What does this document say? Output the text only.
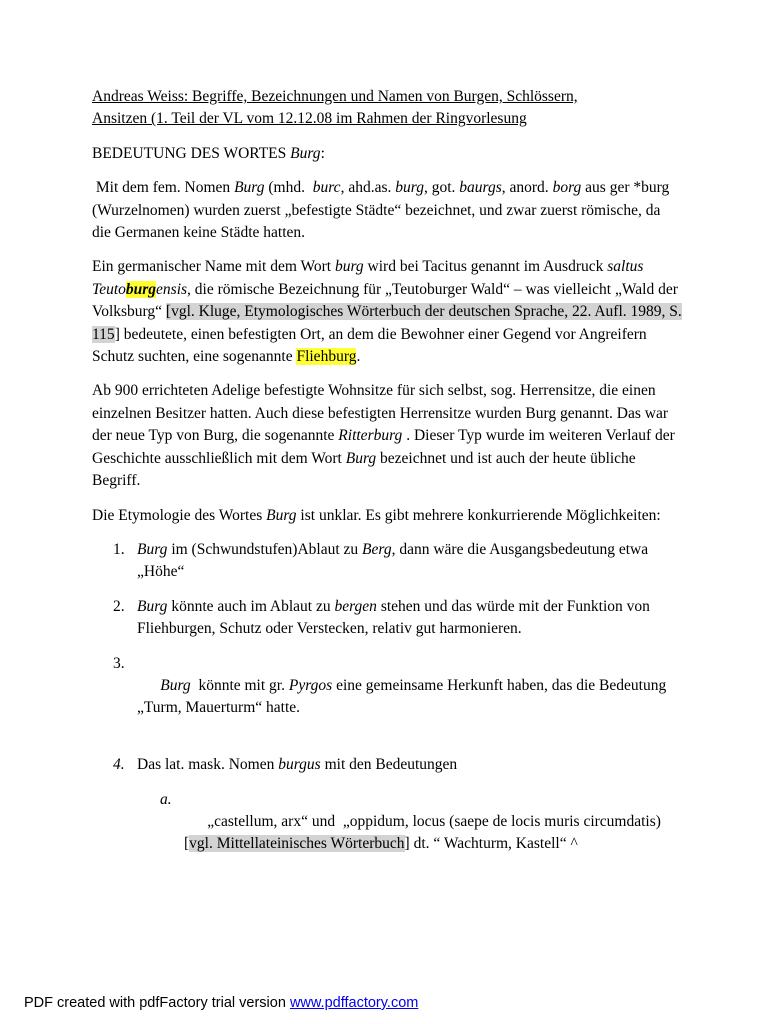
Andreas Weiss: Begriffe, Bezeichnungen und Namen von Burgen, Schlössern,
Ansitzen (1. Teil der VL vom 12.12.08 im Rahmen der Ringvorlesung

BEDEUTUNG DES WORTES Burg:

Mit dem fem. Nomen Burg (mhd.  burc, ahd.as. burg, got. baurgs, anord. borg aus ger *burg (Wurzelnomen) wurden zuerst „befestigte Städte“ bezeichnet, und zwar zuerst römische, da die Germanen keine Städte hatten.

Ein germanischer Name mit dem Wort burg wird bei Tacitus genannt im Ausdruck saltus Teutoburgensis, die römische Bezeichnung für „Teutoburger Wald“ – was vielleicht „Wald der Volksburg“ [vgl. Kluge, Etymologisches Wörterbuch der deutschen Sprache, 22. Aufl. 1989, S. 115] bedeutete, einen befestigten Ort, an dem die Bewohner einer Gegend vor Angreifern Schutz suchten, eine sogenannte Fliehburg.

Ab 900 errichteten Adelige befestigte Wohnsitze für sich selbst, sog. Herrensitze, die einen einzelnen Besitzer hatten. Auch diese befestigten Herrensitze wurden Burg genannt. Das war der neue Typ von Burg, die sogenannte Ritterburg . Dieser Typ wurde im weiteren Verlauf der Geschichte ausschließlich mit dem Wort Burg bezeichnet und ist auch der heute übliche Begriff.

Die Etymologie des Wortes Burg ist unklar. Es gibt mehrere konkurrierende Möglichkeiten:

1. Burg im (Schwundstufen)Ablaut zu Berg, dann wäre die Ausgangsbedeutung etwa „Höhe“
2. Burg könnte auch im Ablaut zu bergen stehen und das würde mit der Funktion von Fliehburgen, Schutz oder Verstecken, relativ gut harmonieren.

3.
Burg  könnte mit gr. Pyrgos eine gemeinsame Herkunft haben, das die Bedeutung „Turm, Mauerturm“ hatte.

4. Das lat. mask. Nomen burgus mit den Bedeutungen

a.
„castellum, arx“ und  „oppidum, locus (saepe de locis muris circumdatis) [vgl. Mittellateinisches Wörterbuch] dt. “ Wachturm, Kastell“ ^

PDF created with pdfFactory trial version www.pdffactory.com
